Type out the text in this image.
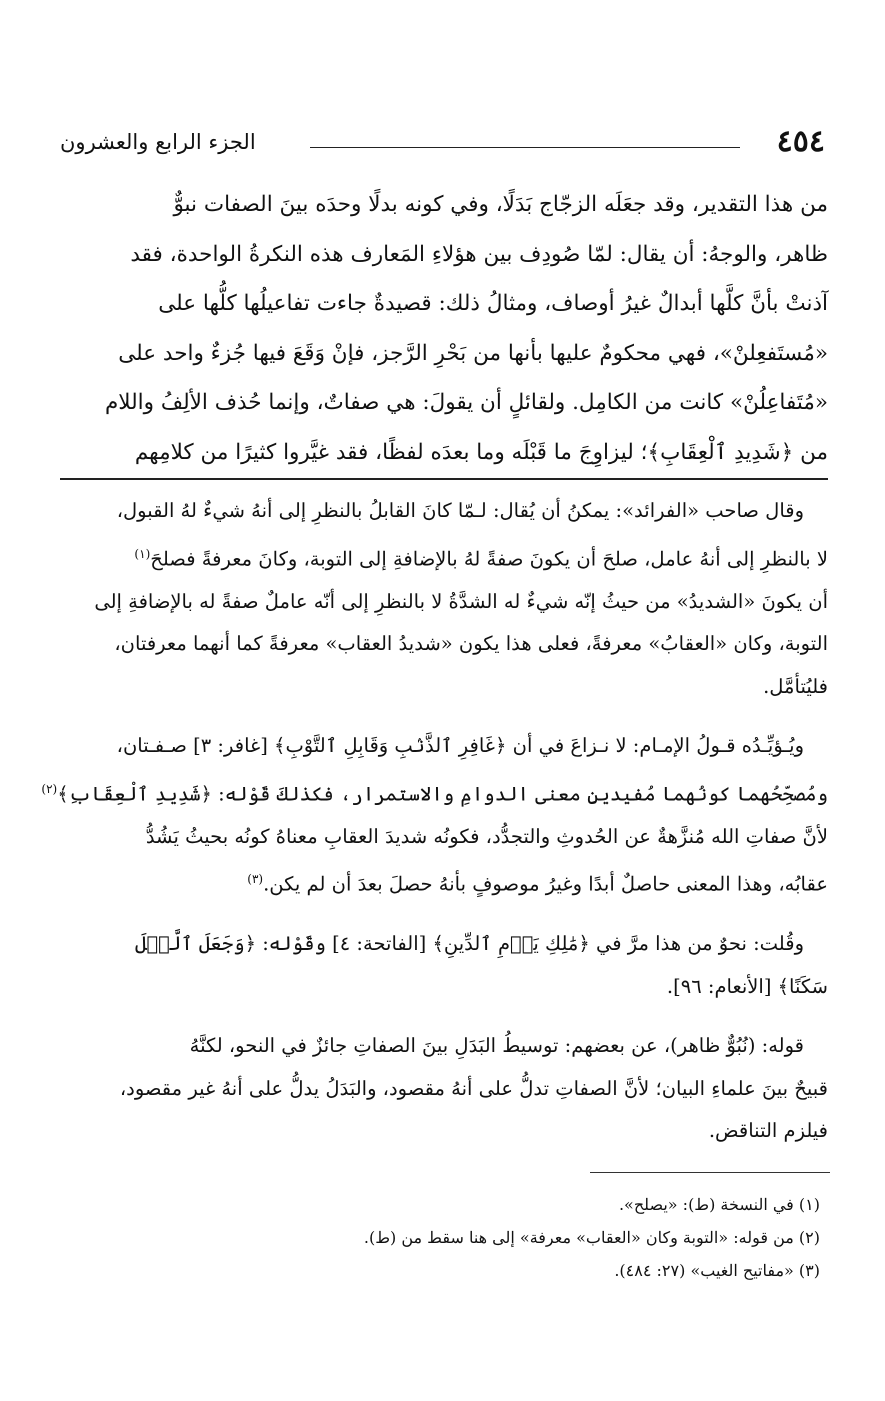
٤٥٤
الجزء الرابع والعشرون

من هذا التقدير، وقد جعَلَه الزجّاج بَدَلًا، وفي كونه بدلًا وحدَه بينَ الصفات نبوٌّ

ظاهر، والوجهُ: أن يقال: لمّا صُودِف بين هؤلاءِ المَعارف هذه النكرةُ الواحدة، فقد

آذنتْ بأنَّ كلَّها أبدالٌ غيرُ أوصاف، ومثالُ ذلك: قصيدةٌ جاءت تفاعيلُها كلُّها على

«مُستَفعِلنْ»، فهي محكومٌ عليها بأنها من بَحْرِ الرَّجز، فإنْ وَقَعَ فيها جُزءٌ واحد على

«مُتَفاعِلُنْ» كانت من الكامِل. ولقائلٍ أن يقولَ: هي صفاتٌ، وإنما حُذف الألِفُ واللام

من ﴿شَدِيدِ ٱلْعِقَابِ﴾؛ ليزاوِجَ ما قَبْلَه وما بعدَه لفظًا، فقد غيَّروا كثيرًا من كلامِهم

وقال صاحب «الفرائد»: يمكنُ أن يُقال: لـمّا كانَ القابلُ بالنظرِ إلى أنهُ شيءٌ لهُ القبول،
لا بالنظرِ إلى أنهُ عامل، صلحَ أن يكونَ صفةً لهُ بالإضافةِ إلى التوبة، وكانَ معرفةً فصلحَ$^{(١)}$
أن يكونَ «الشديدُ» من حيثُ إنّه شيءٌ له الشدَّةُ لا بالنظرِ إلى أنّه عاملٌ صفةً له بالإضافةِ إلى
التوبة، وكان «العقابُ» معرفةً، فعلى هذا يكون «شديدُ العقاب» معرفةً كما أنهما معرفتان،
فليُتأمَّل.
ويُـؤيِّـدُه قـولُ الإمـام: لا نـزاعَ في أن ﴿غَافِرِ ٱلذَّنۢبِ وَقَابِلِ ٱلتَّوْبِ﴾ [غافر: ٣] صـفـتان،
ومُصحِّحُهما كونُهما مُفيدينِ معنى الدوامِ والاستمرار، فكذلكَ قَوْله: ﴿شَدِيدِ ٱلْعِقَابِ﴾$^{(٢)}$
لأنَّ صفاتِ الله مُنزَّهةٌ عن الحُدوثِ والتجدُّد، فكونُه شديدَ العقابِ معناهُ كونُه بحيثُ يَشُدُّ
عقابُه، وهذا المعنى حاصلٌ أبدًا وغيرُ موصوفٍ بأنهُ حصلَ بعدَ أن لم يكن.$^{(٣)}$
وقُلت: نحوٌ من هذا مرَّ في ﴿مَٰلِكِ يَوۡمِ ٱلدِّينِ﴾ [الفاتحة: ٤] وقَوْله: ﴿وَجَعَلَ ٱلَّيۡلَ
سَكَنًا﴾ [الأنعام: ٩٦].
قوله: (نُبُوٌّ ظاهر)، عن بعضهم: توسيطُ البَدَلِ بينَ الصفاتِ جائزٌ في النحو، لكنَّهُ
قبيحٌ بينَ علماءِ البيان؛ لأنَّ الصفاتِ تدلُّ على أنهُ مقصود، والبَدَلُ يدلُّ على أنهُ غير مقصود،
فيلزم التناقض.
(١) في النسخة (ط): «يصلح».
(٢) من قوله: «التوبة وكان «العقاب» معرفة» إلى هنا سقط من (ط).
(٣) «مفاتيح الغيب» (٢٧: ٤٨٤).
